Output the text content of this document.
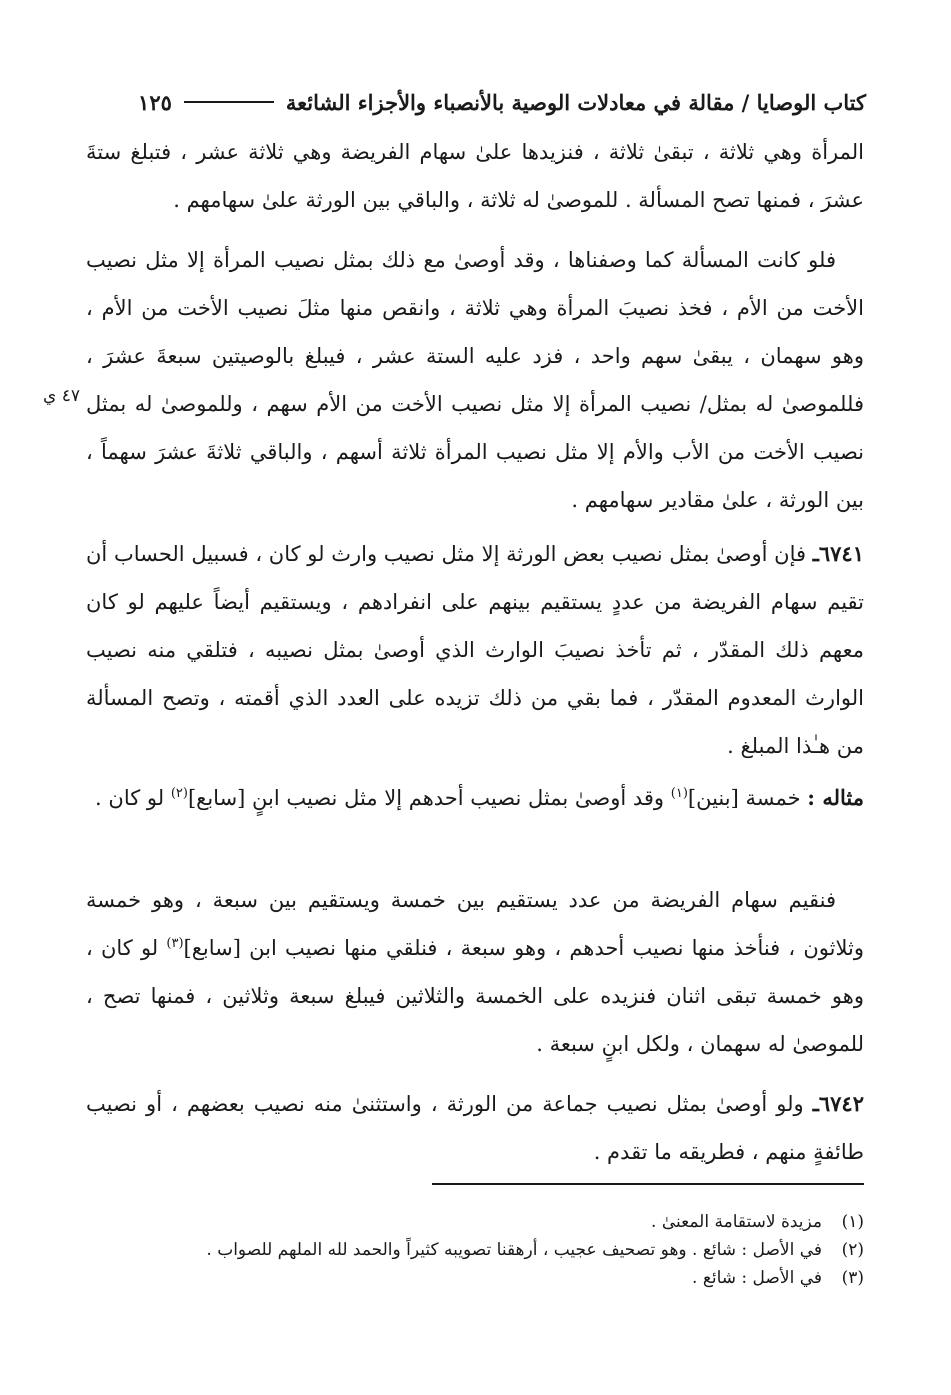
كتاب الوصايا / مقالة في معادلات الوصية بالأنصباء والأجزاء الشائعة
١٢٥
المرأة وهي ثلاثة ، تبقىٰ ثلاثة ، فنزيدها علىٰ سهام الفريضة وهي ثلاثة عشر ، فتبلغ ستةَ عشرَ ، فمنها تصح المسألة . للموصىٰ له ثلاثة ، والباقي بين الورثة علىٰ سهامهم .
فلو كانت المسألة كما وصفناها ، وقد أوصىٰ مع ذلك بمثل نصيب المرأة إلا مثل نصيب الأخت من الأم ، فخذ نصيبَ المرأة وهي ثلاثة ، وانقص منها مثلَ نصيب الأخت من الأم ، وهو سهمان ، يبقىٰ سهم واحد ، فزد عليه الستة عشر ، فيبلغ بالوصيتين سبعةَ عشرَ ، فللموصىٰ له بمثل/ نصيب المرأة إلا مثل نصيب الأخت من الأم سهم ، وللموصىٰ له بمثل نصيب الأخت من الأب والأم إلا مثل نصيب المرأة ثلاثة أسهم ، والباقي ثلاثةَ عشرَ سهماً ، بين الورثة ، علىٰ مقادير سهامهم .
٤٧ ي
٦٧٤١ـ فإن أوصىٰ بمثل نصيب بعض الورثة إلا مثل نصيب وارث لو كان ، فسبيل الحساب أن تقيم سهام الفريضة من عددٍ يستقيم بينهم على انفرادهم ، ويستقيم أيضاً عليهم لو كان معهم ذلك المقدّر ، ثم تأخذ نصيبَ الوارث الذي أوصىٰ بمثل نصيبه ، فتلقي منه نصيب الوارث المعدوم المقدّر ، فما بقي من ذلك تزيده على العدد الذي أقمته ، وتصح المسألة من هـٰذا المبلغ .
مثاله : خمسة [بنين]$^{(١)}$ وقد أوصىٰ بمثل نصيب أحدهم إلا مثل نصيب ابنٍ [سابع]$^{(٢)}$ لو كان .
فنقيم سهام الفريضة من عدد يستقيم بين خمسة ويستقيم بين سبعة ، وهو خمسة وثلاثون ، فنأخذ منها نصيب أحدهم ، وهو سبعة ، فنلقي منها نصيب ابن [سابع]$^{(٣)}$ لو كان ، وهو خمسة تبقى اثنان فنزيده على الخمسة والثلاثين فيبلغ سبعة وثلاثين ، فمنها تصح ، للموصىٰ له سهمان ، ولكل ابنٍ سبعة .
٦٧٤٢ـ ولو أوصىٰ بمثل نصيب جماعة من الورثة ، واستثنىٰ منه نصيب بعضهم ، أو نصيب طائفةٍ منهم ، فطريقه ما تقدم .
(١)
مزيدة لاستقامة المعنىٰ .
(٢)
في الأصل : شائع . وهو تصحيف عجيب ، أرهقنا تصويبه كثيراً والحمد لله الملهم للصواب .
(٣)
في الأصل : شائع .
